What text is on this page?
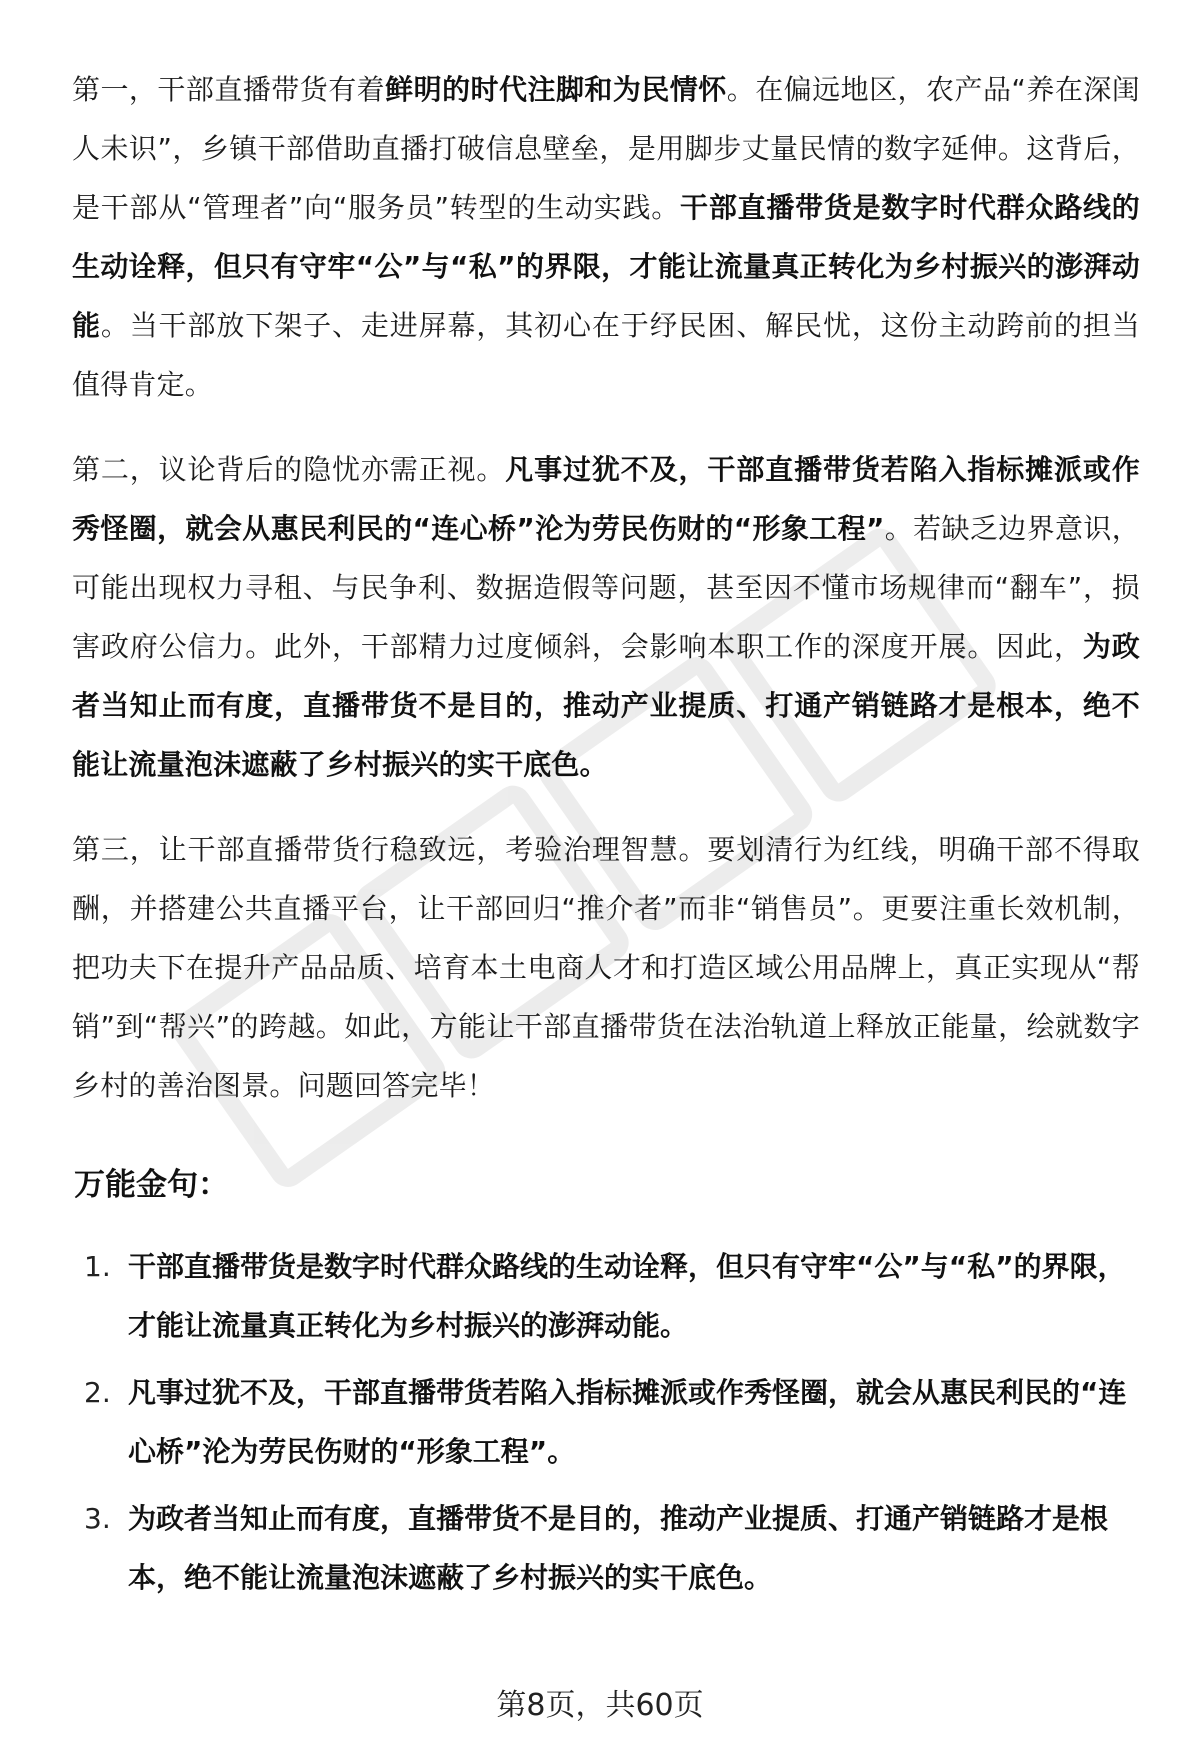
第一，干部直播带货有着鲜明的时代注脚和为民情怀。在偏远地区，农产品“养在深闺人未识”，乡镇干部借助直播打破信息壁垒，是用脚步丈量民情的数字延伸。这背后，是干部从“管理者”向“服务员”转型的生动实践。干部直播带货是数字时代群众路线的生动诠释，但只有守牢“公”与“私”的界限，才能让流量真正转化为乡村振兴的澎湃动能。当干部放下架子、走进屏幕，其初心在于纾民困、解民忧，这份主动跨前的担当值得肯定。

第二，议论背后的隐忧亦需正视。凡事过犹不及，干部直播带货若陷入指标摊派或作秀怪圈，就会从惠民利民的“连心桥”沦为劳民伤财的“形象工程”。若缺乏边界意识，可能出现权力寻租、与民争利、数据造假等问题，甚至因不懂市场规律而“翻车”，损害政府公信力。此外，干部精力过度倾斜，会影响本职工作的深度开展。因此，为政者当知止而有度，直播带货不是目的，推动产业提质、打通产销链路才是根本，绝不能让流量泡沫遮蔽了乡村振兴的实干底色。

第三，让干部直播带货行稳致远，考验治理智慧。要划清行为红线，明确干部不得取酬，并搭建公共直播平台，让干部回归“推介者”而非“销售员”。更要注重长效机制，把功夫下在提升产品品质、培育本土电商人才和打造区域公用品牌上，真正实现从“帮销”到“帮兴”的跨越。如此，方能让干部直播带货在法治轨道上释放正能量，绘就数字乡村的善治图景。问题回答完毕！

万能金句：
1. 干部直播带货是数字时代群众路线的生动诠释，但只有守牢“公”与“私”的界限，才能让流量真正转化为乡村振兴的澎湃动能。
2. 凡事过犹不及，干部直播带货若陷入指标摊派或作秀怪圈，就会从惠民利民的“连心桥”沦为劳民伤财的“形象工程”。
3. 为政者当知止而有度，直播带货不是目的，推动产业提质、打通产销链路才是根本，绝不能让流量泡沫遮蔽了乡村振兴的实干底色。
第8页，共60页
